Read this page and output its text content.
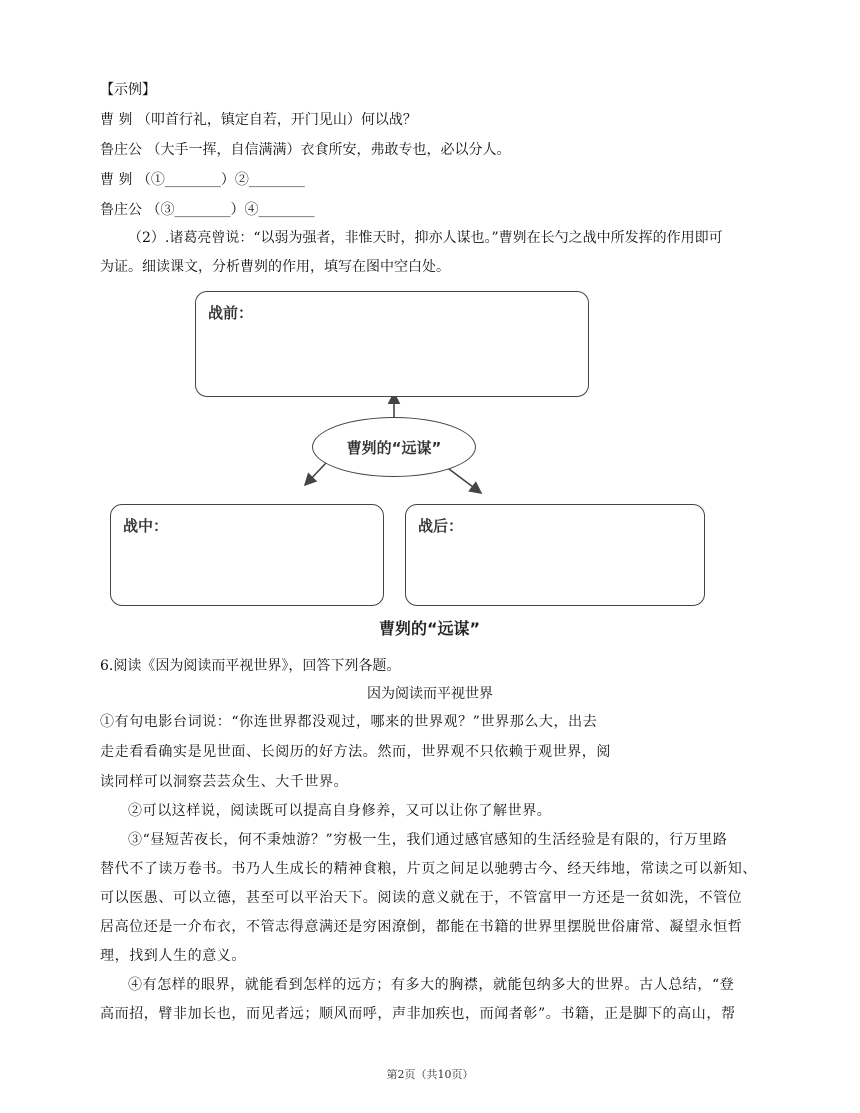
【示例】
曹 刿 （叩首行礼，镇定自若，开门见山）何以战？
鲁庄公 （大手一挥，自信满满）衣食所安，弗敢专也，必以分人。
曹 刿 （①________）②________
鲁庄公 （③________）④________
（2）.诸葛亮曾说：“以弱为强者，非惟天时，抑亦人谋也。”曹刿在长勺之战中所发挥的作用即可
为证。细读课文，分析曹刿的作用，填写在图中空白处。
战前：
曹刿的“远谋”
战中：	战后：
曹刿的“远谋”
6.阅读《因为阅读而平视世界》，回答下列各题。
因为阅读而平视世界
①有句电影台词说：“你连世界都没观过，哪来的世界观？”世界那么大，出去
走走看看确实是见世面、长阅历的好方法。然而，世界观不只依赖于观世界，阅
读同样可以洞察芸芸众生、大千世界。
②可以这样说，阅读既可以提高自身修养，又可以让你了解世界。
③“昼短苦夜长，何不秉烛游？”穷极一生，我们通过感官感知的生活经验是有限的，行万里路
替代不了读万卷书。书乃人生成长的精神食粮，片页之间足以驰骋古今、经天纬地，常读之可以新知、
可以医愚、可以立德，甚至可以平治天下。阅读的意义就在于，不管富甲一方还是一贫如洗，不管位
居高位还是一介布衣，不管志得意满还是穷困潦倒，都能在书籍的世界里摆脱世俗庸常、凝望永恒哲
理，找到人生的意义。
④有怎样的眼界，就能看到怎样的远方；有多大的胸襟，就能包纳多大的世界。古人总结，“登
高而招，臂非加长也，而见者远；顺风而呼，声非加疾也，而闻者彰”。书籍，正是脚下的高山，帮
第2页（共10页）
